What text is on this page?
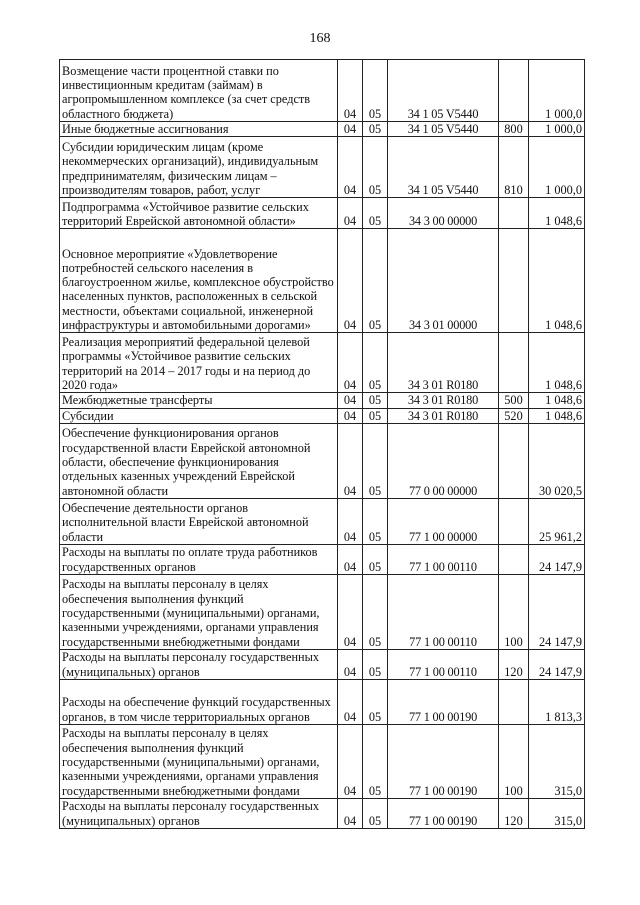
168
Возмещение части процентной ставки по инвестиционным кредитам (займам) в агропромышленном комплексе (за счет средств областного бюджета)	04	05	34 1 05 V5440		1 000,0
Иные бюджетные ассигнования	04	05	34 1 05 V5440	800	1 000,0
Субсидии юридическим лицам (кроме некоммерческих организаций), индивидуальным предпринимателям, физическим лицам – производителям товаров, работ, услуг	04	05	34 1 05 V5440	810	1 000,0
Подпрограмма «Устойчивое развитие сельских территорий Еврейской автономной области»	04	05	34 3 00 00000		1 048,6
Основное мероприятие «Удовлетворение потребностей сельского населения в благоустроенном жилье, комплексное обустройство населенных пунктов, расположенных в сельской местности, объектами социальной, инженерной инфраструктуры и автомобильными дорогами»	04	05	34 3 01 00000		1 048,6
Реализация мероприятий федеральной целевой программы «Устойчивое развитие сельских территорий на 2014 – 2017 годы и на период до 2020 года»	04	05	34 3 01 R0180		1 048,6
Межбюджетные трансферты	04	05	34 3 01 R0180	500	1 048,6
Субсидии	04	05	34 3 01 R0180	520	1 048,6
Обеспечение функционирования органов государственной власти Еврейской автономной области, обеспечение функционирования отдельных казенных учреждений Еврейской автономной области	04	05	77 0 00 00000		30 020,5
Обеспечение деятельности органов исполнительной власти Еврейской автономной области	04	05	77 1 00 00000		25 961,2
Расходы на выплаты по оплате труда работников государственных органов	04	05	77 1 00 00110		24 147,9
Расходы на выплаты персоналу в целях обеспечения выполнения функций государственными (муниципальными) органами, казенными учреждениями, органами управления государственными внебюджетными фондами	04	05	77 1 00 00110	100	24 147,9
Расходы на выплаты персоналу государственных (муниципальных) органов	04	05	77 1 00 00110	120	24 147,9
Расходы на обеспечение функций государственных органов, в том числе территориальных органов	04	05	77 1 00 00190		1 813,3
Расходы на выплаты персоналу в целях обеспечения выполнения функций государственными (муниципальными) органами, казенными учреждениями, органами управления государственными внебюджетными фондами	04	05	77 1 00 00190	100	315,0
Расходы на выплаты персоналу государственных (муниципальных) органов	04	05	77 1 00 00190	120	315,0
